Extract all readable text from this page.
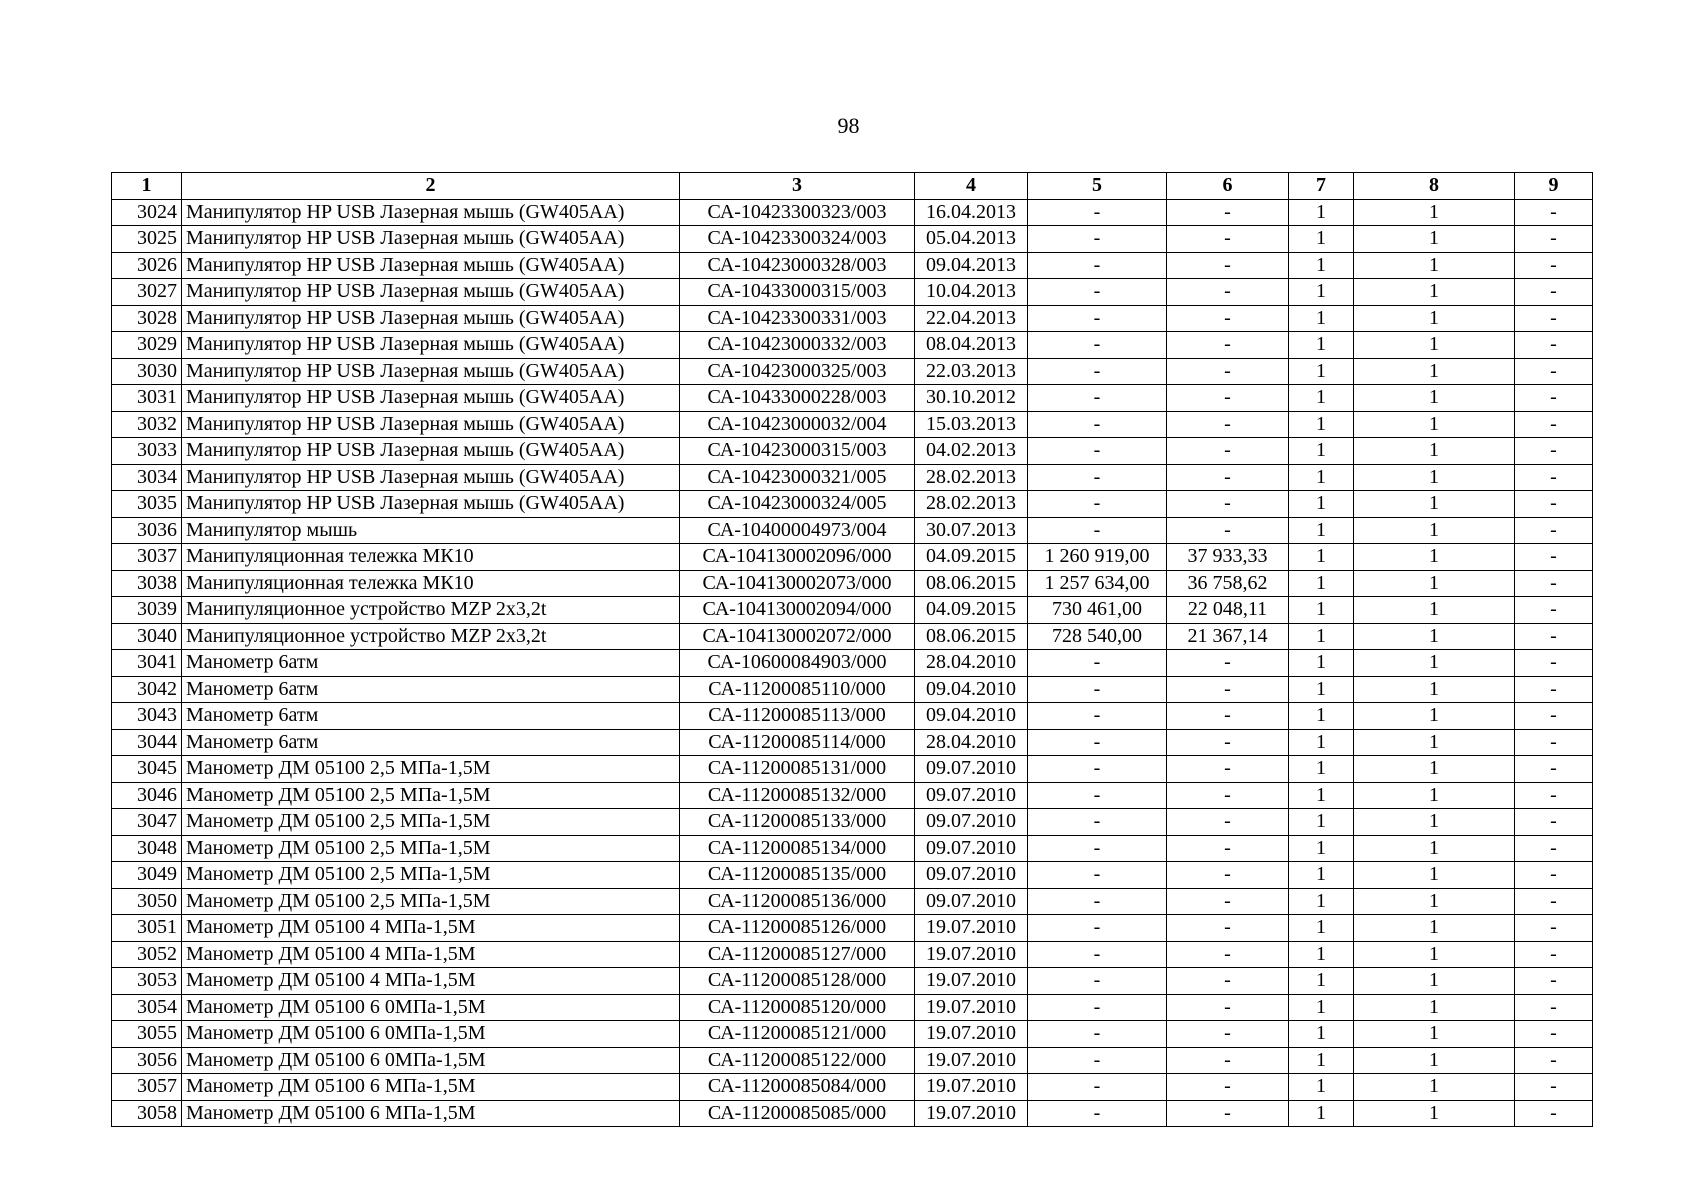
98
1	2	3	4	5	6	7	8	9
3024	Манипулятор HP USB Лазерная мышь (GW405AA)	СА-10423300323/003	16.04.2013	-	-	1	1	-
3025	Манипулятор HP USB Лазерная мышь (GW405AA)	СА-10423300324/003	05.04.2013	-	-	1	1	-
3026	Манипулятор HP USB Лазерная мышь (GW405AA)	СА-10423000328/003	09.04.2013	-	-	1	1	-
3027	Манипулятор HP USB Лазерная мышь (GW405AA)	СА-10433000315/003	10.04.2013	-	-	1	1	-
3028	Манипулятор HP USB Лазерная мышь (GW405AA)	СА-10423300331/003	22.04.2013	-	-	1	1	-
3029	Манипулятор HP USB Лазерная мышь (GW405AA)	СА-10423000332/003	08.04.2013	-	-	1	1	-
3030	Манипулятор HP USB Лазерная мышь (GW405AA)	СА-10423000325/003	22.03.2013	-	-	1	1	-
3031	Манипулятор HP USB Лазерная мышь (GW405AA)	СА-10433000228/003	30.10.2012	-	-	1	1	-
3032	Манипулятор HP USB Лазерная мышь (GW405AA)	СА-10423000032/004	15.03.2013	-	-	1	1	-
3033	Манипулятор HP USB Лазерная мышь (GW405AA)	СА-10423000315/003	04.02.2013	-	-	1	1	-
3034	Манипулятор HP USB Лазерная мышь (GW405AA)	СА-10423000321/005	28.02.2013	-	-	1	1	-
3035	Манипулятор HP USB Лазерная мышь (GW405AA)	СА-10423000324/005	28.02.2013	-	-	1	1	-
3036	Манипулятор мышь	СА-10400004973/004	30.07.2013	-	-	1	1	-
3037	Манипуляционная тележка МК10	СА-104130002096/000	04.09.2015	1 260 919,00	37 933,33	1	1	-
3038	Манипуляционная тележка МК10	СА-104130002073/000	08.06.2015	1 257 634,00	36 758,62	1	1	-
3039	Манипуляционное устройство MZP 2x3,2t	СА-104130002094/000	04.09.2015	730 461,00	22 048,11	1	1	-
3040	Манипуляционное устройство MZP 2x3,2t	СА-104130002072/000	08.06.2015	728 540,00	21 367,14	1	1	-
3041	Манометр 6атм	СА-10600084903/000	28.04.2010	-	-	1	1	-
3042	Манометр 6атм	СА-11200085110/000	09.04.2010	-	-	1	1	-
3043	Манометр 6атм	СА-11200085113/000	09.04.2010	-	-	1	1	-
3044	Манометр 6атм	СА-11200085114/000	28.04.2010	-	-	1	1	-
3045	Манометр ДМ 05100 2,5 МПа-1,5М	СА-11200085131/000	09.07.2010	-	-	1	1	-
3046	Манометр ДМ 05100 2,5 МПа-1,5М	СА-11200085132/000	09.07.2010	-	-	1	1	-
3047	Манометр ДМ 05100 2,5 МПа-1,5М	СА-11200085133/000	09.07.2010	-	-	1	1	-
3048	Манометр ДМ 05100 2,5 МПа-1,5М	СА-11200085134/000	09.07.2010	-	-	1	1	-
3049	Манометр ДМ 05100 2,5 МПа-1,5М	СА-11200085135/000	09.07.2010	-	-	1	1	-
3050	Манометр ДМ 05100 2,5 МПа-1,5М	СА-11200085136/000	09.07.2010	-	-	1	1	-
3051	Манометр ДМ 05100 4 МПа-1,5М	СА-11200085126/000	19.07.2010	-	-	1	1	-
3052	Манометр ДМ 05100 4 МПа-1,5М	СА-11200085127/000	19.07.2010	-	-	1	1	-
3053	Манометр ДМ 05100 4 МПа-1,5М	СА-11200085128/000	19.07.2010	-	-	1	1	-
3054	Манометр ДМ 05100 6 0МПа-1,5М	СА-11200085120/000	19.07.2010	-	-	1	1	-
3055	Манометр ДМ 05100 6 0МПа-1,5М	СА-11200085121/000	19.07.2010	-	-	1	1	-
3056	Манометр ДМ 05100 6 0МПа-1,5М	СА-11200085122/000	19.07.2010	-	-	1	1	-
3057	Манометр ДМ 05100 6 МПа-1,5М	СА-11200085084/000	19.07.2010	-	-	1	1	-
3058	Манометр ДМ 05100 6 МПа-1,5М	СА-11200085085/000	19.07.2010	-	-	1	1	-
